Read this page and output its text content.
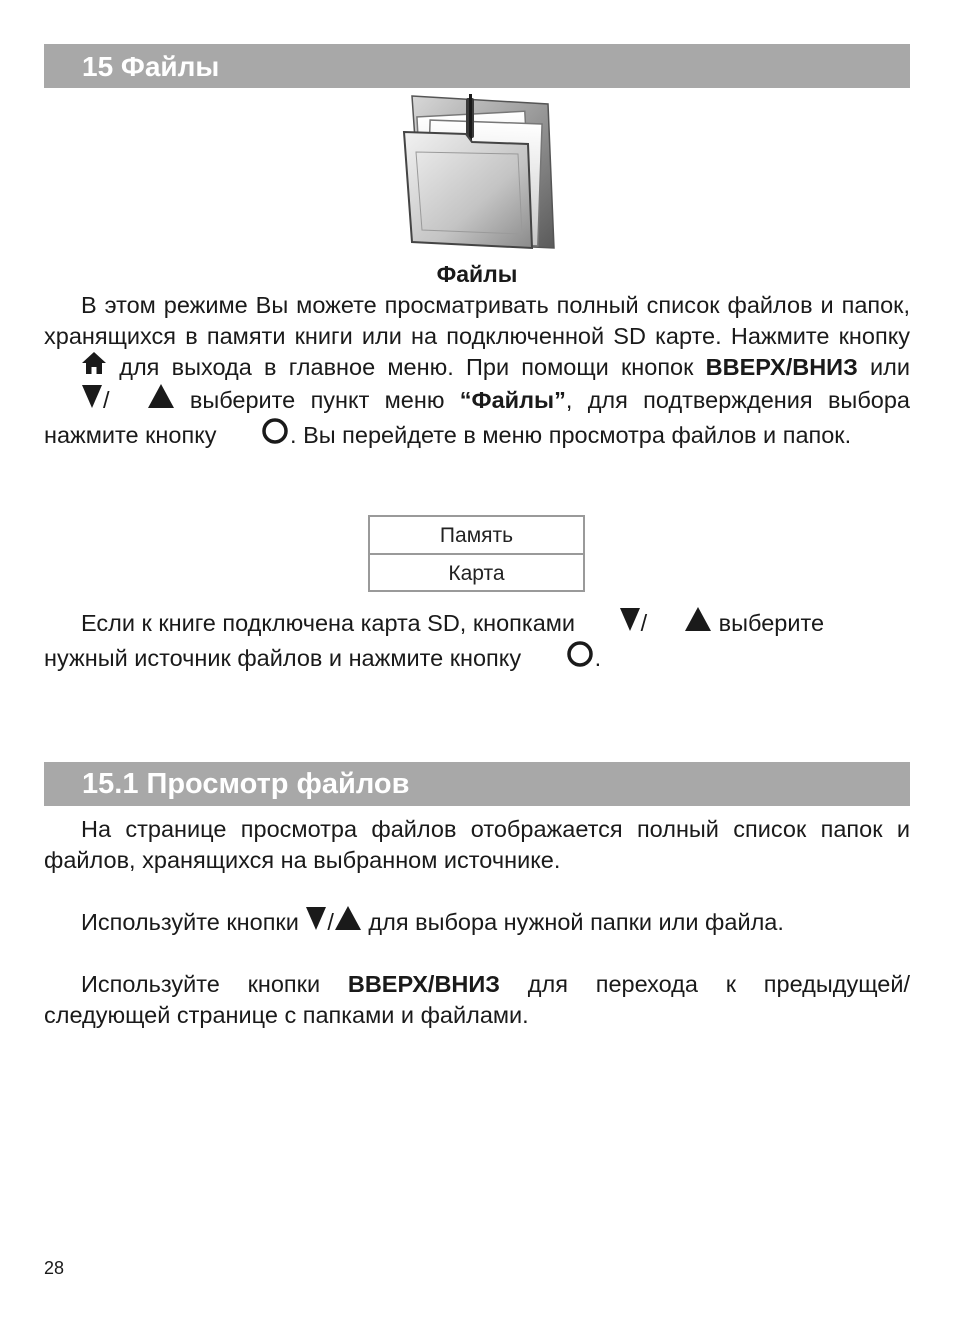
15 Файлы
Файлы
В этом режиме Вы можете просматривать полный список файлов и папок, хранящихся в памяти книги или на подключенной SD карте. Нажмите кнопку  для выхода в главное меню. При помощи кнопок ВВЕРХ/ВНИЗ или /	выберите пункт меню “Файлы”, для подтверждения выбора нажмите кнопку	. Вы перейдете в меню просмотра файлов и папок.
Память
Карта
Если к книге подключена карта SD, кнопками	/	выберите нужный источник файлов и нажмите кнопку	.
15.1 Просмотр файлов
На странице просмотра файлов отображается полный список папок и файлов, хранящихся на выбранном источнике.
Используйте кнопки / для выбора нужной папки или файла.
Используйте кнопки ВВЕРХ/ВНИЗ для перехода к предыдущей/ следующей странице с папками и файлами.
28
